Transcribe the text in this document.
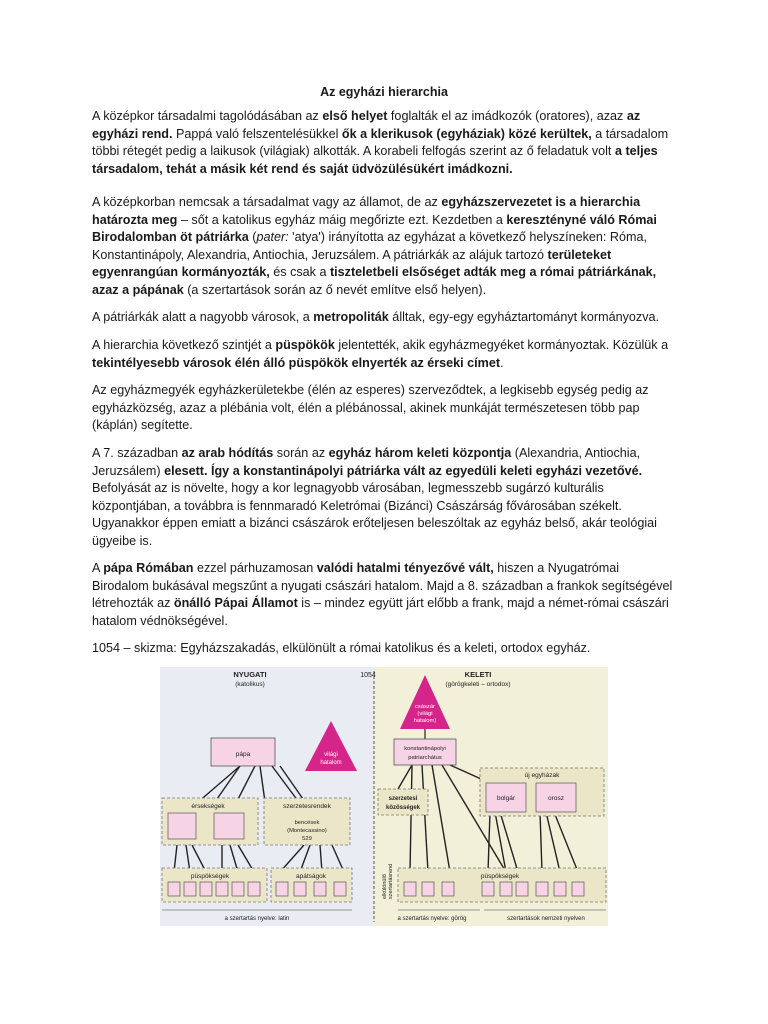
Az egyházi hierarchia
A középkor társadalmi tagolódásában az első helyet foglalták el az imádkozók (oratores), azaz az egyházi rend. Pappá való felszentelésükkel ők a klerikusok (egyháziak) közé kerültek, a társadalom többi rétegét pedig a laikusok (világiak) alkották. A korabeli felfogás szerint az ő feladatuk volt a teljes társadalom, tehát a másik két rend és saját üdvözülésükért imádkozni.
A középkorban nemcsak a társadalmat vagy az államot, de az egyházszervezetet is a hierarchia határozta meg – sőt a katolikus egyház máig megőrizte ezt. Kezdetben a keresztényné váló Római Birodalomban öt pátriárka (pater: 'atya') irányította az egyházat a következő helyszíneken: Róma, Konstantinápoly, Alexandria, Antiochia, Jeruzsálem. A pátriárkák az alájuk tartozó területeket egyenrangúan kormányozták, és csak a tiszteletbeli elsőséget adták meg a római pátriárkának, azaz a pápának (a szertartások során az ő nevét említve első helyen).
A pátriárkák alatt a nagyobb városok, a metropoliták álltak, egy-egy egyháztartományt kormányozva.
A hierarchia következő szintjét a püspökök jelentették, akik egyházmegyéket kormányoztak. Közülük a tekintélyesebb városok élén álló püspökök elnyerték az érseki címet.
Az egyházmegyék egyházkerületekbe (élén az esperes) szerveződtek, a legkisebb egység pedig az egyházközség, azaz a plébánia volt, élén a plébánossal, akinek munkáját természetesen több pap (káplán) segítette.
A 7. században az arab hódítás során az egyház három keleti központja (Alexandria, Antiochia, Jeruzsálem) elesett. Így a konstantinápolyi pátriárka vált az egyedüli keleti egyházi vezetővé. Befolyását az is növelte, hogy a kor legnagyobb városában, legmesszebb sugárzó kulturális központjában, a továbbra is fennmaradó Keletrómai (Bizánci) Császárság fővárosában székelt. Ugyanakkor éppen emiatt a bizánci császárok erőteljesen beleszóltak az egyház belső, akár teológiai ügyeibe is.
A pápa Rómában ezzel párhuzamosan valódi hatalmi tényezővé vált, hiszen a Nyugatrómai Birodalom bukásával megszűnt a nyugati császári hatalom. Majd a 8. században a frankok segítségével létrehozták az önálló Pápai Államot is – mindez együtt járt előbb a frank, majd a német-római császári hatalom védnökségével.
1054 – skizma: Egyházszakadás, elkülönült a római katolikus és a keleti, ortodox egyház.
NYUGATI
(katolikus)
1054	KELETI
(görögkeleti – ortodox)
pápa	világi
hatalom
érsekségek	szerzetesrendek
bencések
(Montecassino)
529
püspökségek	apátságok
a szertartás nyelve: latin
császár
(világi
hatalom)
konstantinápolyi
patriarchátus
új egyházak
bolgár	orosz
szerzetesi
közösségek
elkülönülő szertartásrend	püspökségek
a szertartás nyelve: görög	szertartások nemzeti nyelven
